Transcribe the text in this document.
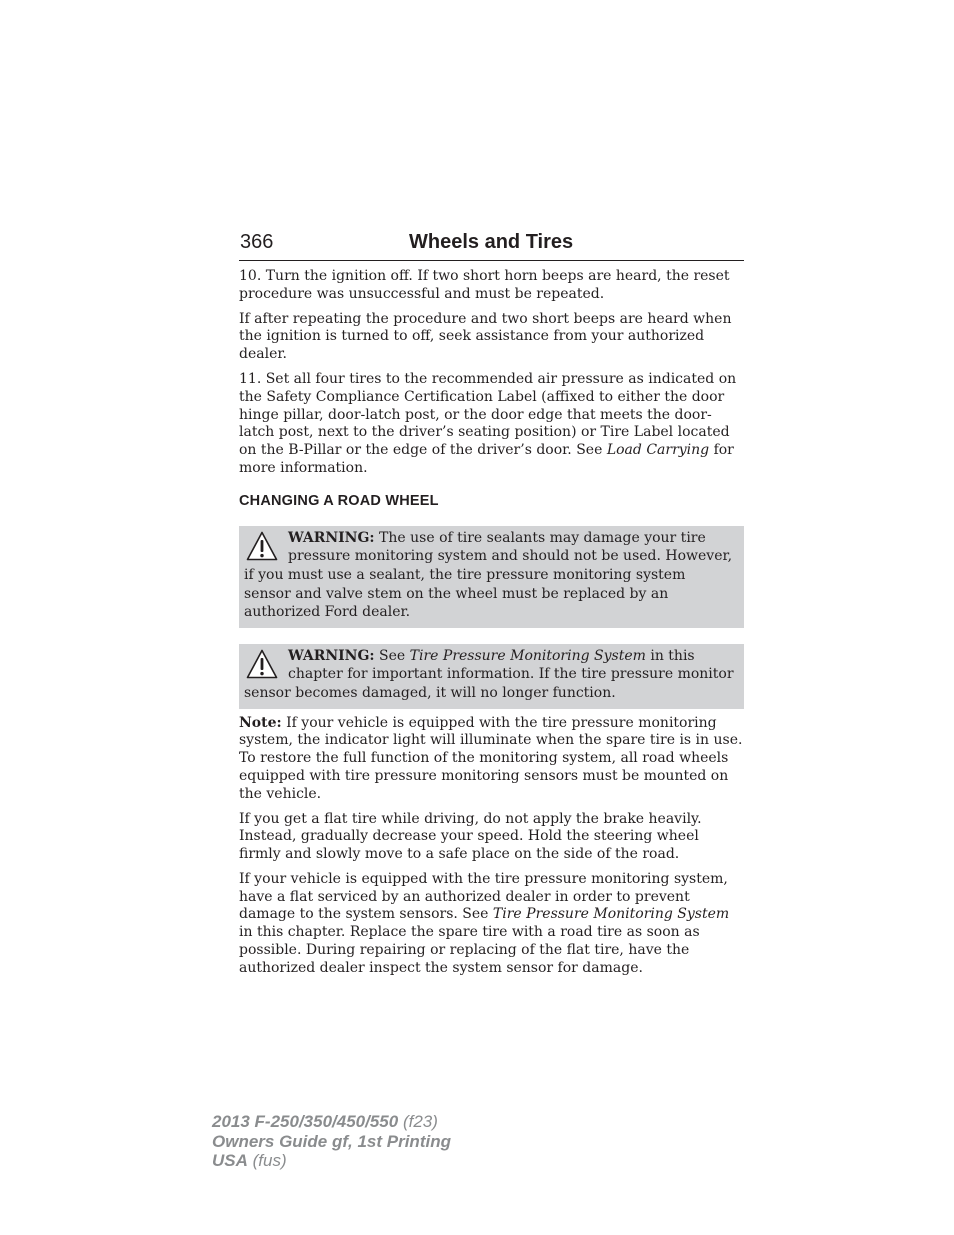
366	Wheels and Tires

10. Turn the ignition off. If two short horn beeps are heard, the reset procedure was unsuccessful and must be repeated.

If after repeating the procedure and two short beeps are heard when the ignition is turned to off, seek assistance from your authorized dealer.

11. Set all four tires to the recommended air pressure as indicated on the Safety Compliance Certification Label (affixed to either the door hinge pillar, door-latch post, or the door edge that meets the door-latch post, next to the driver’s seating position) or Tire Label located on the B-Pillar or the edge of the driver’s door. See Load Carrying for more information.

CHANGING A ROAD WHEEL
WARNING: The use of tire sealants may damage your tire pressure monitoring system and should not be used. However, if you must use a sealant, the tire pressure monitoring system sensor and valve stem on the wheel must be replaced by an authorized Ford dealer.
WARNING: See Tire Pressure Monitoring System in this chapter for important information. If the tire pressure monitor sensor becomes damaged, it will no longer function.

Note: If your vehicle is equipped with the tire pressure monitoring system, the indicator light will illuminate when the spare tire is in use. To restore the full function of the monitoring system, all road wheels equipped with tire pressure monitoring sensors must be mounted on the vehicle.

If you get a flat tire while driving, do not apply the brake heavily. Instead, gradually decrease your speed. Hold the steering wheel firmly and slowly move to a safe place on the side of the road.

If your vehicle is equipped with the tire pressure monitoring system, have a flat serviced by an authorized dealer in order to prevent damage to the system sensors. See Tire Pressure Monitoring System in this chapter. Replace the spare tire with a road tire as soon as possible. During repairing or replacing of the flat tire, have the authorized dealer inspect the system sensor for damage.

2013 F-250/350/450/550 (f23)
Owners Guide gf, 1st Printing
USA (fus)
